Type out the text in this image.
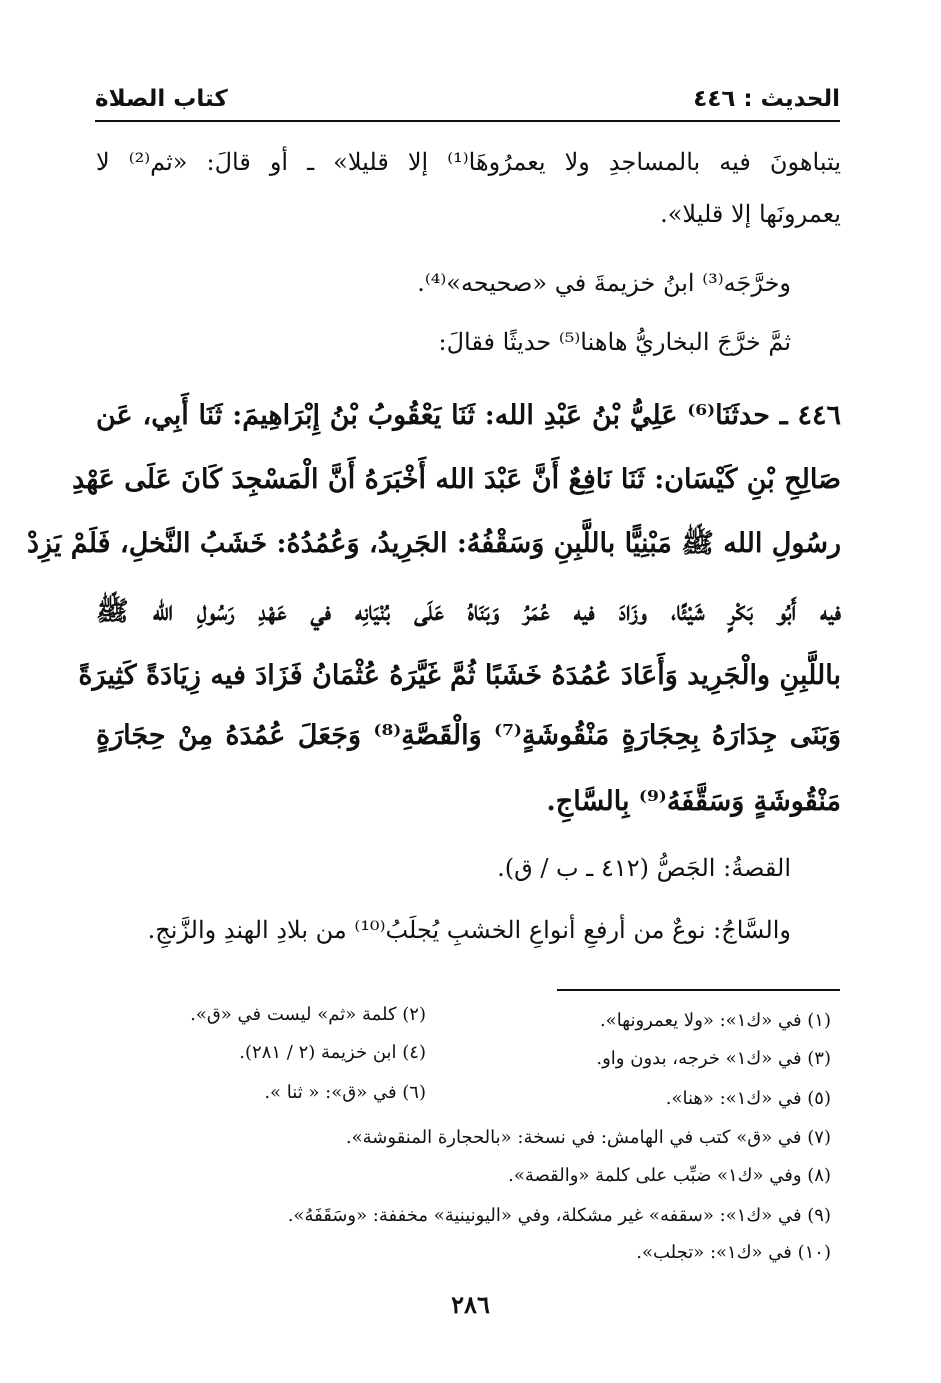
الحديث : ٤٤٦
كتاب الصلاة
يتباهونَ فيه بالمساجدِ ولا يعمرُوهَا⁽¹⁾ إلا قليلا» ـ أو قالَ: «ثم⁽²⁾ لا
يعمرونَها إلا قليلا».
وخرَّجَه⁽³⁾ ابنُ خزيمةَ في «صحيحه»⁽⁴⁾.
ثمَّ خرَّجَ البخاريُّ هاهنا⁽⁵⁾ حديثًا فقالَ:
٤٤٦ ـ حدثَنَا⁽⁶⁾ عَلِيُّ بْنُ عَبْدِ الله: ثَنَا يَعْقُوبُ بْنُ إِبْرَاهِيمَ: ثَنَا أَبِي، عَن
صَالِحِ بْنِ كَيْسَان: ثَنَا نَافِعٌ أَنَّ عَبْدَ الله أَخْبَرَهُ أَنَّ الْمَسْجِدَ كَانَ عَلَى عَهْدِ
رسُولِ الله ﷺ مَبْنِيًّا باللَّبِنِ وَسَقْفُهُ: الجَرِيدُ، وَعُمُدُهُ: خَشَبُ النَّخلِ، فَلَمْ يَزِدْ
فيه أَبُو بَكْرٍ شَيْئًا، وزَادَ فيه عُمَرُ وَبَنَاهُ عَلَى بُنْيَانِه في عَهْدِ رَسُولِ الله ﷺ
باللَّبِنِ والْجَرِيد وَأَعَادَ عُمُدَهُ خَشَبًا ثُمَّ غَيَّرَهُ عُثْمَانُ فَزَادَ فيه زِيَادَةً كَثِيرَةً
وَبَنَى جِدَارَهُ بِحِجَارَةٍ مَنْقُوشَةٍ⁽⁷⁾ وَالْقَصَّةِ⁽⁸⁾ وَجَعَلَ عُمُدَهُ مِنْ حِجَارَةٍ
مَنْقُوشَةٍ وَسَقَّفَهُ⁽⁹⁾ بِالسَّاجِ.
القصةُ: الجَصُّ (٤١٢ ـ ب / ق).
والسَّاجُ: نوعٌ من أرفعِ أنواعِ الخشبِ يُجلَبُ⁽¹⁰⁾ من بلادِ الهندِ والزَّنجِ.
(١) في «ك١»: «ولا يعمرونها».
(٢) كلمة «ثم» ليست في «ق».
(٣) في «ك١» خرجه، بدون واو.
(٤) ابن خزيمة (٢ / ٢٨١).
(٥) في «ك١»: «هنا».
(٦) في «ق»: « ثنا ».
(٧) في «ق» كتب في الهامش: في نسخة: «بالحجارة المنقوشة».
(٨) وفي «ك١» ضبِّب على كلمة «والقصة».
(٩) في «ك١»: «سقفه» غير مشكلة، وفي «اليونينية» مخففة: «وسَقَفَهُ».
(١٠) في «ك١»: «تجلب».
٢٨٦
